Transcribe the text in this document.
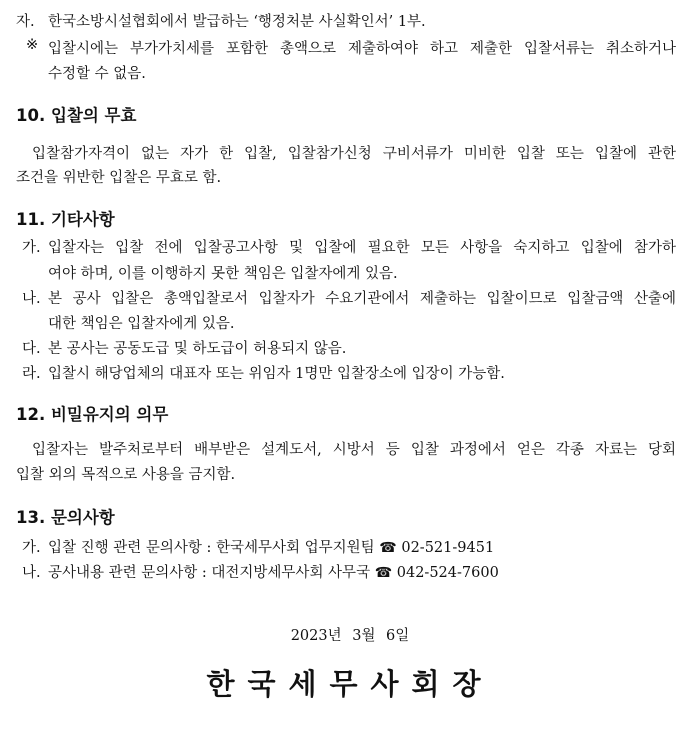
자. 한국소방시설협회에서 발급하는 ‘행정처분 사실확인서’ 1부.
※ 입찰시에는 부가가치세를 포함한 총액으로 제출하여야 하고 제출한 입찰서류는 취소하거나
수정할 수 없음.
10. 입찰의 무효
입찰참가자격이 없는 자가 한 입찰, 입찰참가신청 구비서류가 미비한 입찰 또는 입찰에 관한
조건을 위반한 입찰은 무효로 함.
11. 기타사항
가. 입찰자는 입찰 전에 입찰공고사항 및 입찰에 필요한 모든 사항을 숙지하고 입찰에 참가하
여야 하며, 이를 이행하지 못한 책임은 입찰자에게 있음.
나. 본 공사 입찰은 총액입찰로서 입찰자가 수요기관에서 제출하는 입찰이므로 입찰금액 산출에
대한 책임은 입찰자에게 있음.
다. 본 공사는 공동도급 및 하도급이 허용되지 않음.
라. 입찰시 해당업체의 대표자 또는 위임자 1명만 입찰장소에 입장이 가능함.
12. 비밀유지의 의무
입찰자는 발주처로부터 배부받은 설계도서, 시방서 등 입찰 과정에서 얻은 각종 자료는 당회
입찰 외의 목적으로 사용을 금지함.
13. 문의사항
가. 입찰 진행 관련 문의사항 : 한국세무사회 업무지원팀 ☎ 02-521-9451
나. 공사내용 관련 문의사항 : 대전지방세무사회 사무국 ☎ 042-524-7600
2023년 3월 6일
한국세무사회장
